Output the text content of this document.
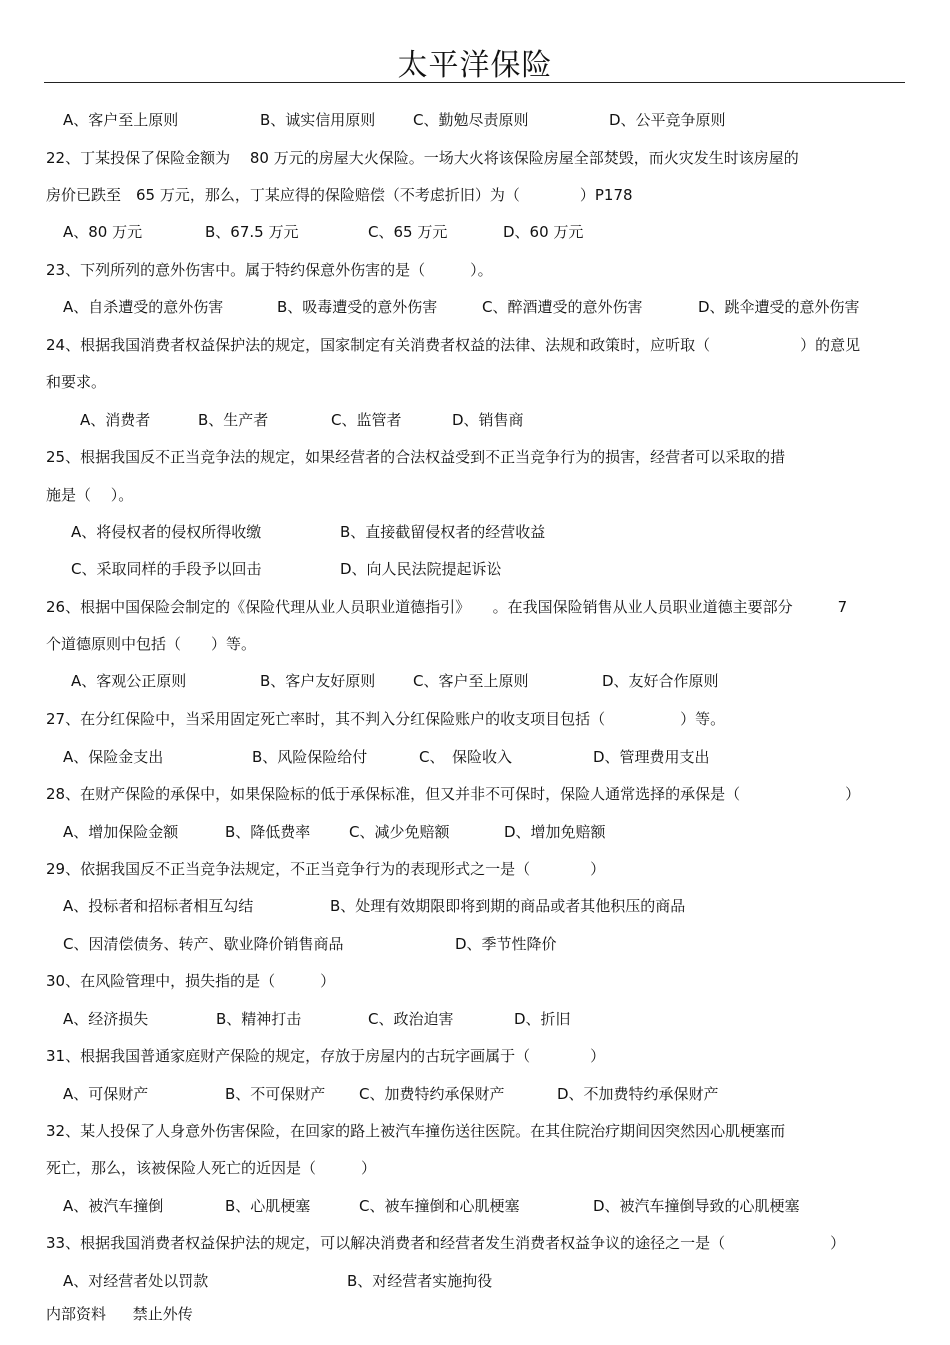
太平洋保险
A、客户至上原则	B、诚实信用原则	C、勤勉尽责原则	D、公平竞争原则
22、丁某投保了保险金额为　 80 万元的房屋大火保险。一场大火将该保险房屋全部焚毁，而火灾发生时该房屋的
房价已跌至　65 万元，那么，丁某应得的保险赔偿（不考虑折旧）为（　　　　）P178
A、80 万元	B、67.5 万元	C、65 万元	D、60 万元
23、下列所列的意外伤害中。属于特约保意外伤害的是（　　　）。
A、自杀遭受的意外伤害	B、吸毒遭受的意外伤害	C、醉酒遭受的意外伤害	D、跳伞遭受的意外伤害
24、根据我国消费者权益保护法的规定，国家制定有关消费者权益的法律、法规和政策时，应听取（　　　　　　）的意见
和要求。
A、消费者	B、生产者	C、监管者	D、销售商
25、根据我国反不正当竞争法的规定，如果经营者的合法权益受到不正当竞争行为的损害，经营者可以采取的措
施是（　 ）。
A、将侵权者的侵权所得收缴	B、直接截留侵权者的经营收益
C、采取同样的手段予以回击	D、向人民法院提起诉讼
26、根据中国保险会制定的《保险代理从业人员职业道德指引》　　。在我国保险销售从业人员职业道德主要部分　　　7
个道德原则中包括（　　）等。
A、客观公正原则	B、客户友好原则	C、客户至上原则	D、友好合作原则
27、在分红保险中，当采用固定死亡率时，其不判入分红保险账户的收支项目包括（　　　　　）等。
A、保险金支出	B、风险保险给付	C、　保险收入	D、管理费用支出
28、在财产保险的承保中，如果保险标的低于承保标准，但又并非不可保时，保险人通常选择的承保是（　　　　　　　）
A、增加保险金额	B、降低费率	C、减少免赔额	D、增加免赔额
29、依据我国反不正当竞争法规定，不正当竞争行为的表现形式之一是（　　　　）
A、投标者和招标者相互勾结	B、处理有效期限即将到期的商品或者其他积压的商品
C、因清偿债务、转产、歇业降价销售商品	D、季节性降价
30、在风险管理中，损失指的是（　　　）
A、经济损失	B、精神打击	C、政治迫害	D、折旧
31、根据我国普通家庭财产保险的规定，存放于房屋内的古玩字画属于（　　　　）
A、可保财产	B、不可保财产 C、加费特约承保财产	D、不加费特约承保财产
32、某人投保了人身意外伤害保险，在回家的路上被汽车撞伤送往医院。在其住院治疗期间因突然因心肌梗塞而
死亡，那么，该被保险人死亡的近因是（　　　）
A、被汽车撞倒	B、心肌梗塞	C、被车撞倒和心肌梗塞	D、被汽车撞倒导致的心肌梗塞
33、根据我国消费者权益保护法的规定，可以解决消费者和经营者发生消费者权益争议的途径之一是（　　　　　　　）
A、对经营者处以罚款	B、对经营者实施拘役
内部资料 禁止外传
